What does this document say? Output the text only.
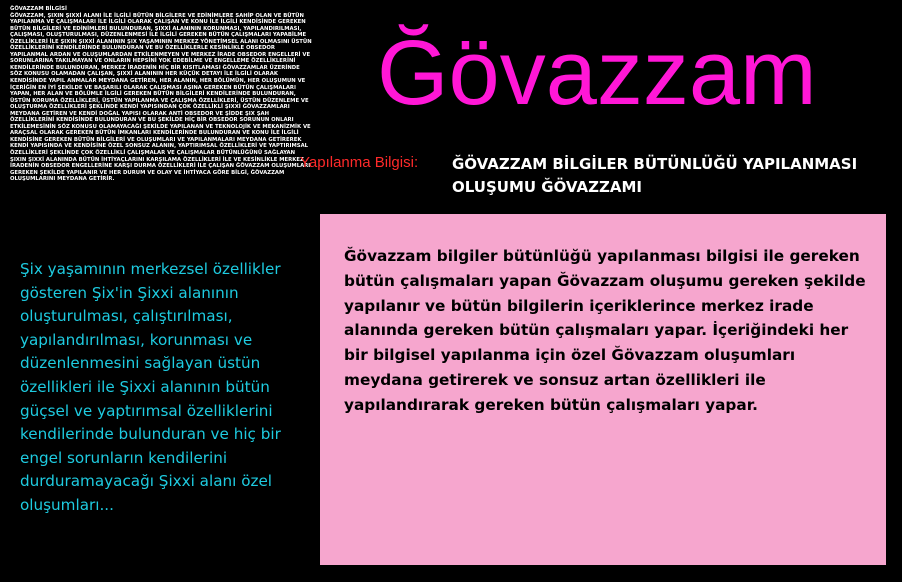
ĞÖVAZZAM BİLGİSİ
ĞÖVAZZAM, ŞIXIN ŞIXXİ ALANI İLE İLGİLİ BÜTÜN BİLGİLERE VE EDİNİMLERE SAHİP OLAN VE BÜTÜN YAPILANMA VE ÇALIŞMALARI İLE İLGİLİ OLARAK ÇALIŞAN VE KONU İLE İLGİLİ KENDİSİNDE GEREKEN BÜTÜN BİLGİLERİ VE EDİNİMLERİ BULUNDURAN, ŞIXXİ ALANININ KORUNMASI, YAPILANDIRILMASI, ÇALIŞMASI, OLUŞTURULMASI, DÜZENLENMESİ İLE İLGİLİ GEREKEN BÜTÜN ÇALIŞMALARI YAPABİLME ÖZELLİKLERİ İLE ŞIXIN ŞIXXİ ALANININ ŞIX YAŞAMININ MERKEZ YÖNETİMSEL ALANI OLMASINI ÜSTÜN ÖZELLİKLERİNİ KENDİLERİNDE BULUNDURAN VE BU ÖZELLİKLERLE KESİNLİKLE OBSEDOR YAPILANMAL ARDAN VE OLUŞUMLARDAN ETKİLENMEYEN VE MERKEZ İRADE OBSEDOR ENGELLERİ VE SORUNLARINA TAKILMAYAN VE ONLARIN HEPSİNİ YOK EDEBİLME VE ENGELLEME ÖZELLİKLERİNİ KENDİLERİNDE BULUNDURAN, MERKEZ İRADENİN HİÇ BİR KISITLAMASI ĞÖVAZZAMLAR ÜZERİNDE SÖZ KONUSU OLAMADAN ÇALIŞAN, ŞIXXİ ALANININ HER KÜÇÜK DETAYI İLE İLGİLİ OLARAK KENDİSİNDE YAPIL ANMALAR MEYDANA GETİREN, HER ALANIN, HER BÖLÜMÜN, HER OLUŞUMUN VE İÇERİĞİN EN İYİ ŞEKİLDE VE BAŞARILI OLARAK ÇALIŞMASI AŞINA GEREKEN BÜTÜN ÇALIŞMALARI YAPAN, HER ALAN VE BÖLÜMLE İLGİLİ GEREKEN BÜTÜN BİLGİLERİ KENDİLERİNDE BULUNDURAN, ÜSTÜN KORUMA ÖZELLİKLERİ, ÜSTÜN YAPILANMA VE ÇALIŞMA ÖZELLİKLERİ, ÜSTÜN DÜZENLEME VE OLUŞTURMA ÖZELLİKLERİ ŞEKLİNDE KENDİ YAPISINDAN ÇOK ÖZELLİKLİ ŞIXXİ ĞÖVAZZAMLARI MEYDANA GETİREN VE KENDİ DOĞAL YAPISI OLARAK ANTİ OBSEDOR VE ŞİDDE ŞIX ŞAH ÖZELLİKLERİNİ KENDİSİNDE BULUNDURAN VE BU ŞEKİLDE HİÇ BİR OBSEDOR SORUNUN ONLARI ETKİLEMESİNİN SÖZ KONUSU OLAMAYACAĞI ŞEKİLDE YAPILANAN VE TEKNOLOJİK VE MEKANİZMİK VE ARAÇSAL OLARAK GEREKEN BÜTÜN İMKANLARI KENDİLERİNDE BULUNDURAN VE KONU İLE İLGİLİ KENDİSİNE GEREKEN BÜTÜN BİLGİLERİ VE OLUŞUMLARI VE YAPILANMALARI MEYDANA GETİREREK KENDİ YAPISINDA VE KENDİSİNE ÖZEL SONSUZ ALANIN, YAPTIRIMSAL ÖZELLİKLERİ VE YAPTIRIMSAL ÖZELLİKLERİ ŞEKLİNDE ÇOK ÖZELLİKLİ ÇALIŞMALAR VE ÇALIŞMALAR BÜTÜNLÜĞÜNÜ SAĞLAYAN ŞIXIN ŞIXXİ ALANINDA BÜTÜN İHTİYAÇLARINI KARŞILAMA ÖZELLİKLERİ İLE VE KESİNLİKLE MERKEZ İRADENİN OBSEDOR ENGELLERİNE KARŞI DURMA ÖZELLİKLERİ İLE ÇALIŞAN ĞÖVAZZAM OLUŞUMLARI GEREKEN ŞEKİLDE YAPILANIR VE HER DURUM VE OLAY VE İHTİYACA GÖRE BİLGİ, ĞÖVAZZAM OLUŞUMLARINI MEYDANA GETİRİR.
Ğövazzam
Yapılanma Bilgisi: ĞÖVAZZAM BİLGİLER BÜTÜNLÜĞÜ YAPILANMASI OLUŞUMU ĞÖVAZZAMI
Şix yaşamının merkezsel özellikler gösteren Şix'in Şixxi alanının oluşturulması, çalıştırılması, yapılandırılması, korunması ve düzenlenmesini sağlayan üstün özellikleri ile Şixxi alanının bütün güçsel ve yaptırımsal özelliklerini kendilerinde bulunduran ve hiç bir engel sorunların kendilerini durduramayacağı Şixxi alanı özel oluşumları...
Ğövazzam bilgiler bütünlüğü yapılanması bilgisi ile gereken bütün çalışmaları yapan Ğövazzam oluşumu gereken şekilde yapılanır ve bütün bilgilerin içeriklerince merkez irade alanında gereken bütün çalışmaları yapar. İçeriğindeki her bir bilgisel yapılanma için özel Ğövazzam oluşumları meydana getirerek ve sonsuz artan özellikleri ile yapılandırarak gereken bütün çalışmaları yapar.
